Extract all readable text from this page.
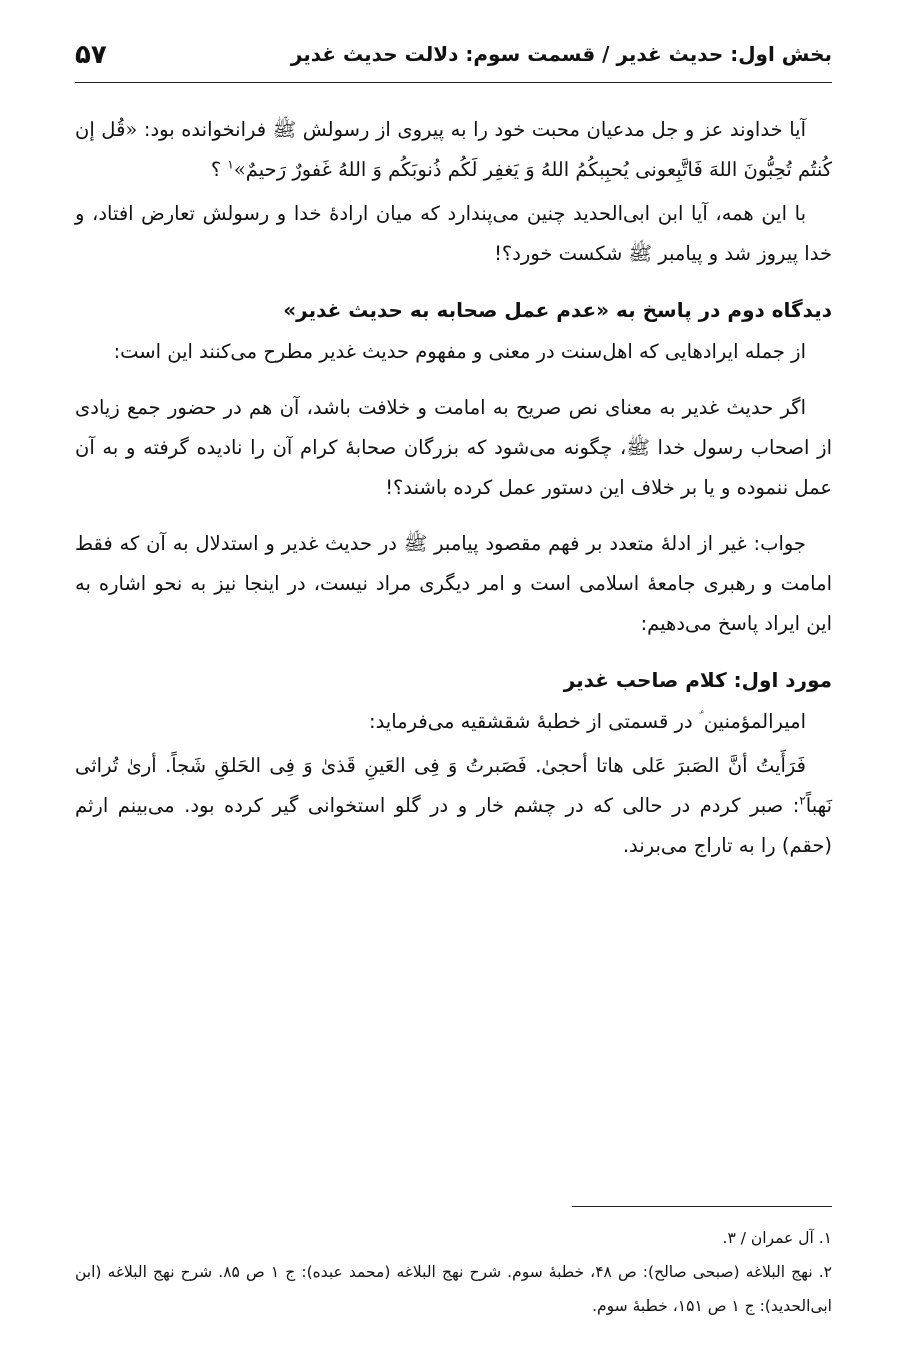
بخش اول: حدیث غدیر / قسمت سوم: دلالت حدیث غدیر
۵۷

آیا خداوند عز و جل مدعیان محبت خود را به پیروی از رسولش ﷺ فرانخوانده بود: «قُل إن كُنتُم تُحِبُّونَ اللهَ فَاتَّبِعونی يُحبِبكُمُ اللهُ وَ يَغفِر لَكُم ذُنوبَكُم وَ اللهُ غَفورٌ رَحيمٌ»$^۱$ ؟

با این همه، آیا ابن ابی‌الحدید چنین می‌پندارد که میان ارادهٔ خدا و رسولش تعارض افتاد، و خدا پیروز شد و پیامبر ﷺ شکست خورد؟!

دیدگاه دوم در پاسخ به «عدم عمل صحابه به حدیث غدیر»

از جمله ایرادهایی که اهل‌سنت در معنی و مفهوم حدیث غدیر مطرح می‌کنند این است:

اگر حدیث غدیر به معنای نص صریح به امامت و خلافت باشد، آن هم در حضور جمع زیادی از اصحاب رسول خدا ﷺ، چگونه می‌شود که بزرگان صحابهٔ کرام آن را نادیده گرفته و به آن عمل ننموده و یا بر خلاف این دستور عمل کرده باشند؟!

جواب: غیر از ادلهٔ متعدد بر فهم مقصود پیامبر ﷺ در حدیث غدیر و استدلال به آن که فقط امامت و رهبری جامعهٔ اسلامی است و امر دیگری مراد نیست، در اینجا نیز به نحو اشاره به این ایراد پاسخ می‌دهیم:

مورد اول: کلام صاحب غدیر

امیرالمؤمنین ؑ در قسمتی از خطبهٔ شقشقیه می‌فرماید:

فَرَأَيتُ أنَّ الصَبرَ عَلى هاتا أحجىٰ. فَصَبرتُ وَ فِی العَينِ قَذىٰ وَ فِی الحَلقِ شَجاً. أرىٰ تُراثی نَهباً$^۲$: صبر کردم در حالی که در چشم خار و در گلو استخوانی گیر کرده بود. می‌بینم ارثم (حقم) را به تاراج می‌برند.

۱. آل عمران / ۳.

۲. نهج البلاغه (صبحی صالح): ص ۴۸، خطبهٔ سوم. شرح نهج البلاغه (محمد عبده): ج ۱ ص ۸۵. شرح نهج البلاغه (ابن ابی‌الحدید): ج ۱ ص ۱۵۱، خطبهٔ سوم.
